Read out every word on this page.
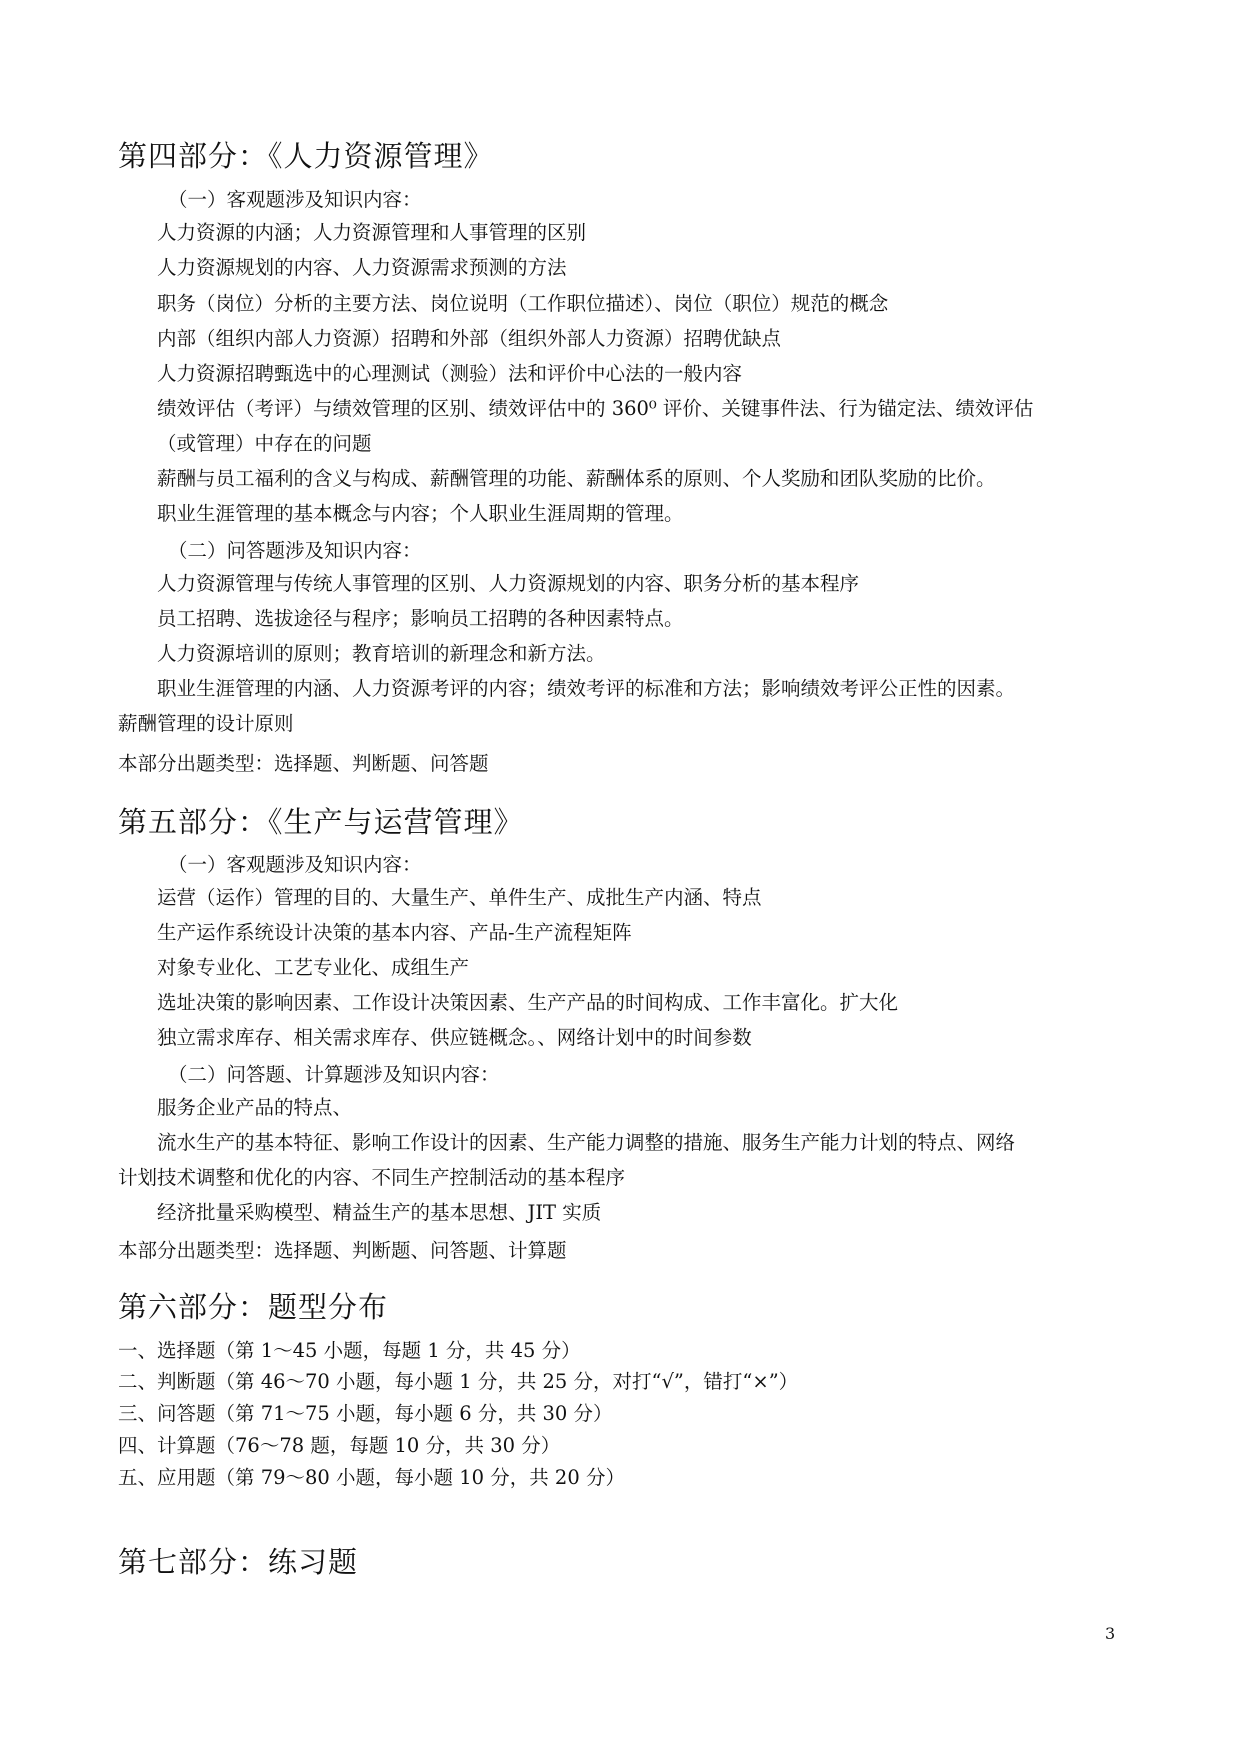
第四部分：《人力资源管理》

（一）客观题涉及知识内容：

人力资源的内涵；人力资源管理和人事管理的区别

人力资源规划的内容、人力资源需求预测的方法

职务（岗位）分析的主要方法、岗位说明（工作职位描述）、岗位（职位）规范的概念

内部（组织内部人力资源）招聘和外部（组织外部人力资源）招聘优缺点

人力资源招聘甄选中的心理测试（测验）法和评价中心法的一般内容

绩效评估（考评）与绩效管理的区别、绩效评估中的 360⁰ 评价、关键事件法、行为锚定法、绩效评估

（或管理）中存在的问题

薪酬与员工福利的含义与构成、薪酬管理的功能、薪酬体系的原则、个人奖励和团队奖励的比价。

职业生涯管理的基本概念与内容；个人职业生涯周期的管理。

（二）问答题涉及知识内容：

人力资源管理与传统人事管理的区别、人力资源规划的内容、职务分析的基本程序

员工招聘、选拔途径与程序；影响员工招聘的各种因素特点。

人力资源培训的原则；教育培训的新理念和新方法。

职业生涯管理的内涵、人力资源考评的内容；绩效考评的标准和方法；影响绩效考评公正性的因素。

薪酬管理的设计原则

本部分出题类型：选择题、判断题、问答题

第五部分：《生产与运营管理》

（一）客观题涉及知识内容：

运营（运作）管理的目的、大量生产、单件生产、成批生产内涵、特点

生产运作系统设计决策的基本内容、产品-生产流程矩阵

对象专业化、工艺专业化、成组生产

选址决策的影响因素、工作设计决策因素、生产产品的时间构成、工作丰富化。扩大化

独立需求库存、相关需求库存、供应链概念。、网络计划中的时间参数

（二）问答题、计算题涉及知识内容：

服务企业产品的特点、

流水生产的基本特征、影响工作设计的因素、生产能力调整的措施、服务生产能力计划的特点、网络

计划技术调整和优化的内容、不同生产控制活动的基本程序

经济批量采购模型、精益生产的基本思想、JIT 实质

本部分出题类型：选择题、判断题、问答题、计算题

第六部分：题型分布

一、选择题（第 1～45 小题，每题 1 分，共 45 分）

二、判断题（第 46～70 小题，每小题 1 分，共 25 分，对打“√”，错打“×”）

三、问答题（第 71～75 小题，每小题 6 分，共 30 分）

四、计算题（76～78 题，每题 10 分，共 30 分）

五、应用题（第 79～80 小题，每小题 10 分，共 20 分）

第七部分：练习题

3
